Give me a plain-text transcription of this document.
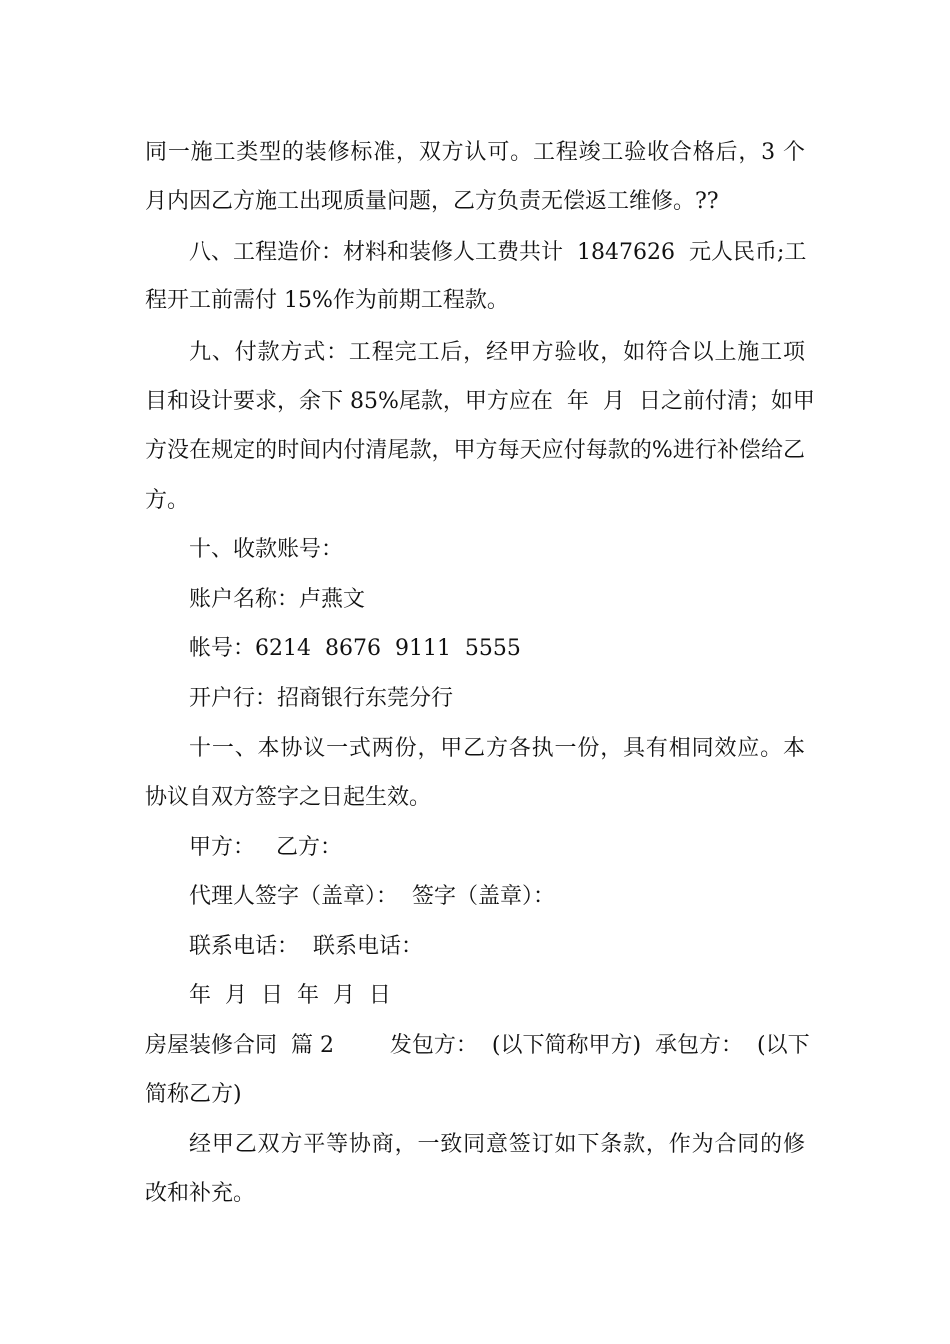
同一施工类型的装修标准，双方认可。工程竣工验收合格后，3 个
月内因乙方施工出现质量问题，乙方负责无偿返工维修。??
八、工程造价：材料和装修人工费共计  1847626  元人民币;工
程开工前需付 15%作为前期工程款。
九、付款方式：工程完工后，经甲方验收，如符合以上施工项
目和设计要求，余下 85%尾款，甲方应在  年  月  日之前付清；如甲
方没在规定的时间内付清尾款，甲方每天应付每款的%进行补偿给乙
方。
十、收款账号：
账户名称：卢燕文
帐号：6214  8676  9111  5555
开户行：招商银行东莞分行
十一、本协议一式两份，甲乙方各执一份，具有相同效应。本
协议自双方签字之日起生效。
甲方：   乙方：
代理人签字（盖章）：  签字（盖章）：
联系电话：  联系电话：
年  月  日  年  月  日
房屋装修合同  篇 2        发包方：  (以下简称甲方)  承包方：  (以下
简称乙方)
经甲乙双方平等协商，一致同意签订如下条款，作为合同的修
改和补充。
